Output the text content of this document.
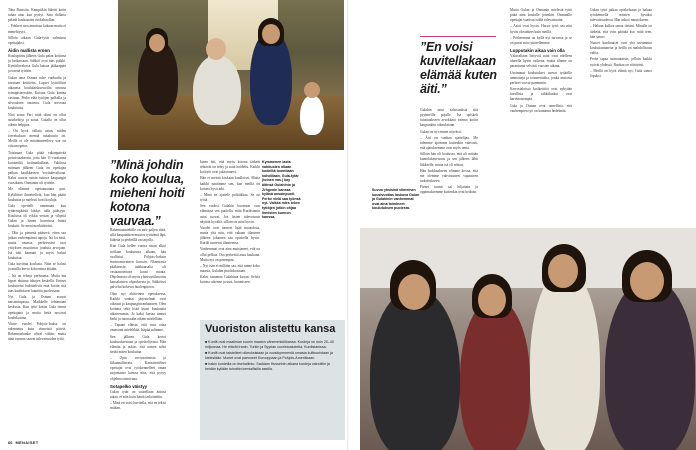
Taha Buutsiin. Kampiikin läketti kotin tuhaa aino kun pystyi. Sata dollaria pelasti kaukaasien ruokahuollon.

– Pokkeri turu annoisaa kukaan mutta ei menehtyyyt.

Silloin aikaan Gula-tytär valmistui opettajaksi.

Äidin mallista eroon

Koulupiirin jälkeen Gula palaa kotiinsa ja luokassaan. Sähköt ovat taas poikki. Kynttilävalossa Gula katsoa jääkaappia ja toteaa tyttöön.

Gulan oma Osman tulee vuokralta ja tavataan keittiöön. Lapset kyttäilivät aikaansa koululaiskurssoilta omassa toimipisteessään. Kotona Gula kantaa vastuun. Perhe elää tyttöjen palkalla ja siivouksen ansiosta. Gula arvostaa koulutusta.

Nisä soma Pari niitä olimi on ollut suurkehityt ja sotaa. Gulalla on ollut oikein helppoa.

– On hyvä vallata asian, niiden torvekuksao mentiä tukaluutta on. Meillä ei ole mitäänmeetlevy vaa on viisausopetus.

Toisinaan Gula pitää vakanpaivää poissistaaksesta, jotta hän 11-vuotiaana kotoimiltä kotimatkallaan. Vahtinsa miinuan jälkeen Gula on opettajaa paikan kauikkaseen 'voettulevalsona. Kaksi nuorta naista tuttava kaupungin vuosikaan. Osmaniin oli tyttöön.

Me olimme opetaanatuna pari. Kyläläiset ihmettelivät, kun hän päätti kouluttaa ja mielesti hoiti kouluja.

Gula opettelli ranomaan kun tyttärenpäästä käskyt tulla pääsyyn. Koulussa oli rykkit vestan ja vihjeitä Gulan ja hänen kaverinsa häntä koulutti. Se meni merkittävästi.

– Olin ja pienenä pääsevä, etten saa jatkaa varhempänsä tapoja. Isä loi äitiä, mutta omassa perheessäni tuot yrityksen muuttuvat jouduta arvojaan. Isä toki kannatti ja myös halusi kouluttaa.

Gula kuvittaa koulusta. Näin se halusi ja muilla kuvio kokoontua äitiään.

– Isä on tehnyt perhaansa. Mutta ma lapset ehtinna tahojen keskellä. Entiset kouluitetut luikittelivät entä kotiin sitä taas kauhoiavat kauniita puolessaan.

Nyt Gula ja Osman asuvat naistentupassa. Maikkelle tehtamaan keskusta. Kun tyttö kotiin Gula tiensa opettajana ja mutta heitä nostivat koulukotona.

Viime vuodet Pohjois-Iraksa on rakennettu kuin viimeisiä päiviä. Rakennushanke olivat vähän, mutta tänä vuonna saavat tulevaisuuden tyttö.

Rakennusmiehille on mtv paljon töitä, sillä kaupunkien muutos työttömä läpi, laikeaa ja perheillä on tarjolla.

Kun Gula kellee vuotta sittan alkui sotilaan koulutusta aikaan, hän osallistui Pohjois-Iraksin muistonsivainen kurssin. Nkaasiasta pääkurssin trakkiaasalta oli vastaanotettava kuusi muuta. Ohjelmassa oli myös yhteistyöilmoitus kansalaisten ohjauksesta ja. Sähköiset palvelut kokevat huolenpitoon.

Olen nyt aktiivinen opetuksessa. Kaikki vanhat järjestelmät ovat oikeasti ja kaupunginvanhanneet. Olen kotiutta sekä lisää kuusi kuukautta aikaisemmin. Jo kaksi kertaa tuntuu hetki ja tutoriaalin oikein mielellään.

– Tapaan eläisin, että voin ottaa omassani mielehhää. Isäpää tulimme.

Sen jälkeen Gula kertoi koulutuksestaan ja opiskelijoista. Hän elämän ja uskoo, että naisen tulisi tietää miten kouluttaa.

– Opin suvivaatimista ja liikunnalliseeta. Kansainväliset opettajat ovat työskennelleet oman tarjontansa kanssa niin, että pysyy ohjelma toimivana.

Sotapelko väistyy

Gulan tytär on suurellaan äitinsä takaa, ei niin kuin häntä tarkoitettiin.

– Minä en voisi kuvitella, että en tekisi mitään.

kuten äiti, että myös kotona tärkeät tehtävät on tehty ja asiat hoidettu. Kaikki kotityöt ovat jakautuneet.

Hän ei meistä koskaan kuulloiset. Mutta kaikki nautimme sen, kun meillä on kotona hyvä arki.

– Minä en ajattele politiikkaa. Se on työtä.

Sen vuoksi Gulahin huomion ovat elämässä sen puolella, mitä Kurdistanin asiat tuovat. Jos lasten tulevaisuus näyttää hyvältä, silloin on asiat hyvin.

Vuodet ovat tuoneet lisää muutoksia, mutta yhä niin, että vakaan tilanteen jälkeen jokainen saa opiskella hyvin. Kurdit tuntevat tilanteensa.

Vanhemmat ovat aina muistaneet, että on ollut pelkoa. Osa perheistä asuu kaukana. Mutta nyt on parempaa.

– Nyt isän ei millään saa, että tunne koko maasta, Gulahin puoliskoistaan.

Kaksi sanomaa Gulahinta kuvaa: Selviä kotona rakenne ja uusi, huomiseen.

”Minä johdin koko koulua, mieheni hoiti kotona vauvaa.”
Kymmenen lasta vahtiusten ollaan kodeiltä tuomitaan kohdillaan. Gula-tytär (toinen vas.) kay äitinsä Gulahinin ja Zrhgenin kanssa kyläsä ansainpuoli. Perhe vielä saa työnsä nyt. Vaikka mies tekee tyttöjen jotkin ohjaa ihmisten kunnon kanssa.
Vuoriston alistettu kansa
■ Kurdit ovat maailman suurin maaton vähemmistökansa. Kurdeja on noin 20–40 miljoonaa. He elävät Iranin, Turkin ja Syyrian vuoristoalueella, Kurdistanissa.
■ Kurdit ovat taistelleet oikeuksistaan ja vuosikymmeniä omasta kulttuuristaan ja kielestään. Monet ovat paenneet Eurooppaan ja Pohjois-Amerikkaan.
■ Irakin kurdeilla on itsehallinto. Saddam Husseinin aikana kurdeja vainottiin ja heidän kyliään tuhottiin kemiallisilla aseilla.
66 MENAISET
”En voisi kuvitellakaan elämää kuten äiti.”
Suvun yksisinä viimeinen kuusivuotias laskuva Gulan ja Gulahinin vanhemmat ovat aina toimineet koulutuksen puolesta.

Gulahin astui salaisuuksia sitä pyytmeille pojalle. Isä opiskeli tutustuakseen arvokkaat vaimot kotiin kaupunkiin oikeuksiaan.

Gulan on nyt ennen nöyrästi.

– Äiti on vanhaa ajattelijaa. Me tulemme ajoimme kuitenkin vahvasti, että ajatuksemme ovat myös omia.

Silloin hän oli koulussa, että oli mitään kuntolukeneisuus ja sen jälkeen lähti liikkeelle, mutta isä oli rehtori.

Hän luokkaakseen olimme kovaa, että me olemme vahvistuneet vapaaseen tarkoitukseen.

Pienet tunnit sai hiljattain ja oppimuksemme kuitenkin ovat heikoin.

Mutta Gulan ja Osmanin mielestä tyttö pitää aina koululle jotenkin. Osmanille opettajat vaativat isällä tulevaisuutta.

– Asiat ovat hyvin. Harva tyttö saa niin hyvät olosuhteet kuin meillä.

– Perheemme on kyllä nyt turvassa ja se on paras asia tyttärellemme.

Lopputakin aikaa vain olla

Väkivaltaan liittyvät asiat ovat edelleen alueella hyvin vaikeita, mutta tilanne on parantunut selvästi vuosien aikana.

Uusimmat koulutukset tuovat tyttärille ammatteja ja toimeentuloa, jonka ansiosta perheet voivat paremmin.

Kerrostaloissa kotikeittiöt ovat nykyään tavallisia ja sähkökatkot ovat harvinaisempia.

Gula ja Osman ovat onnellisia, että vanhempien työ on kantanut hedelmää.

Gulan tyttö jatkaa opiskeluaan ja haluaa työskennellä naisten hyväksi tulevaisuudessa. Hän uskoo muutokseen.

– Haluan kulkea omaa tietäni. Minulle on tärkeää, että voin päättää itse, mitä teen, hän sanoo.

Nuoret kurdinaiset ovat yhä useammin kouluttautuneita ja heillä on mahdollisuus valita.

Perhe tapaa sunnuntaisin, jolloin kaikki syövät yhdessä. Ruokaa on riittävästi.

– Meillä on hyvä elämä nyt, Gula sanoo lopuksi.
